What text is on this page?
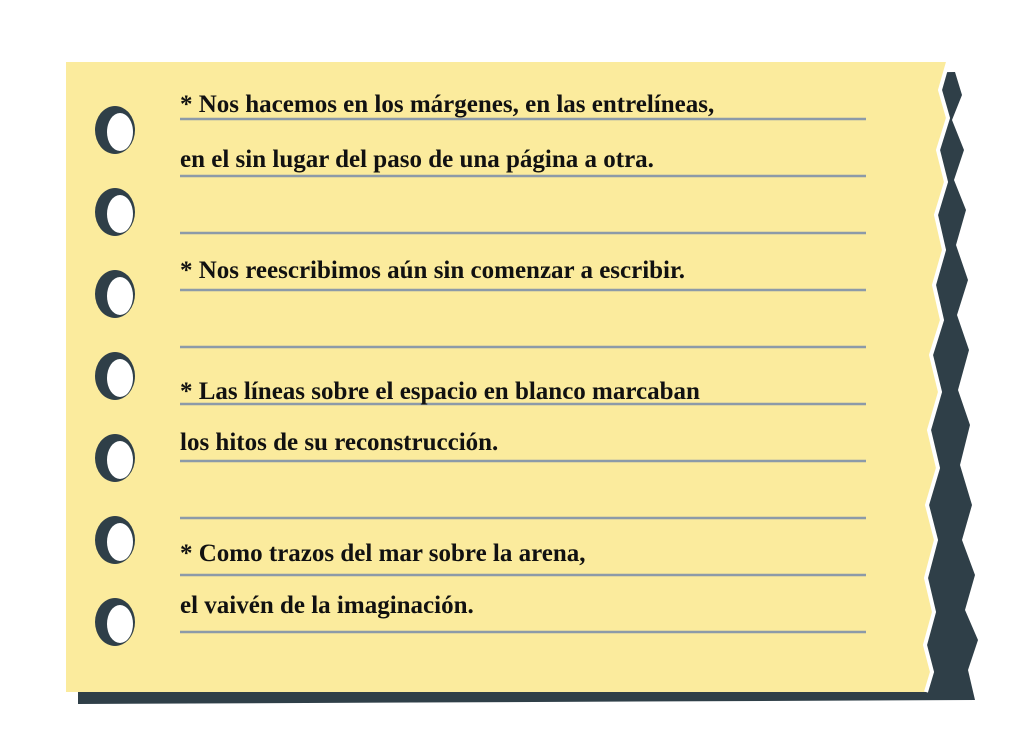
* Nos hacemos en los márgenes, en las entrelíneas,
en el sin lugar del paso de una página a otra.
* Nos reescribimos aún sin comenzar a escribir.
* Las líneas sobre el espacio en blanco marcaban
los hitos de su reconstrucción.
* Como trazos del mar sobre la arena,
el vaivén de la imaginación.
